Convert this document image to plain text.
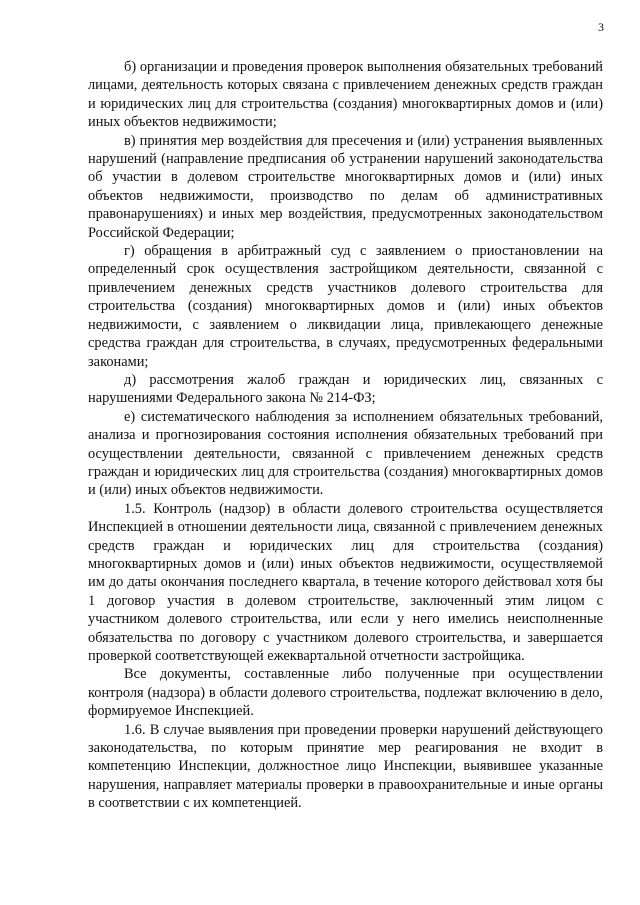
3

б) организации и проведения проверок выполнения обязательных требований лицами, деятельность которых связана с привлечением денежных средств граждан и юридических лиц для строительства (создания) многоквартирных домов и (или) иных объектов недвижимости;

в) принятия мер воздействия для пресечения и (или) устранения выявленных нарушений (направление предписания об устранении нарушений законодательства об участии в долевом строительстве многоквартирных домов и (или) иных объектов недвижимости, производство по делам об административных правонарушениях) и иных мер воздействия, предусмотренных законодательством Российской Федерации;

г) обращения в арбитражный суд с заявлением о приостановлении на определенный срок осуществления застройщиком деятельности, связанной с привлечением денежных средств участников долевого строительства для строительства (создания) многоквартирных домов и (или) иных объектов недвижимости, с заявлением о ликвидации лица, привлекающего денежные средства граждан для строительства, в случаях, предусмотренных федеральными законами;

д) рассмотрения жалоб граждан и юридических лиц, связанных с нарушениями Федерального закона № 214-ФЗ;

е) систематического наблюдения за исполнением обязательных требований, анализа и прогнозирования состояния исполнения обязательных требований при осуществлении деятельности, связанной с привлечением денежных средств граждан и юридических лиц для строительства (создания) многоквартирных домов и (или) иных объектов недвижимости.

1.5. Контроль (надзор) в области долевого строительства осуществляется Инспекцией в отношении деятельности лица, связанной с привлечением денежных средств граждан и юридических лиц для строительства (создания) многоквартирных домов и (или) иных объектов недвижимости, осуществляемой им до даты окончания последнего квартала, в течение которого действовал хотя бы 1 договор участия в долевом строительстве, заключенный этим лицом с участником долевого строительства, или если у него имелись неисполненные обязательства по договору с участником долевого строительства, и завершается проверкой соответствующей ежеквартальной отчетности застройщика.

Все документы, составленные либо полученные при осуществлении контроля (надзора) в области долевого строительства, подлежат включению в дело, формируемое Инспекцией.

1.6. В случае выявления при проведении проверки нарушений действующего законодательства, по которым принятие мер реагирования не входит в компетенцию Инспекции, должностное лицо Инспекции, выявившее указанные нарушения, направляет материалы проверки в правоохранительные и иные органы в соответствии с их компетенцией.
